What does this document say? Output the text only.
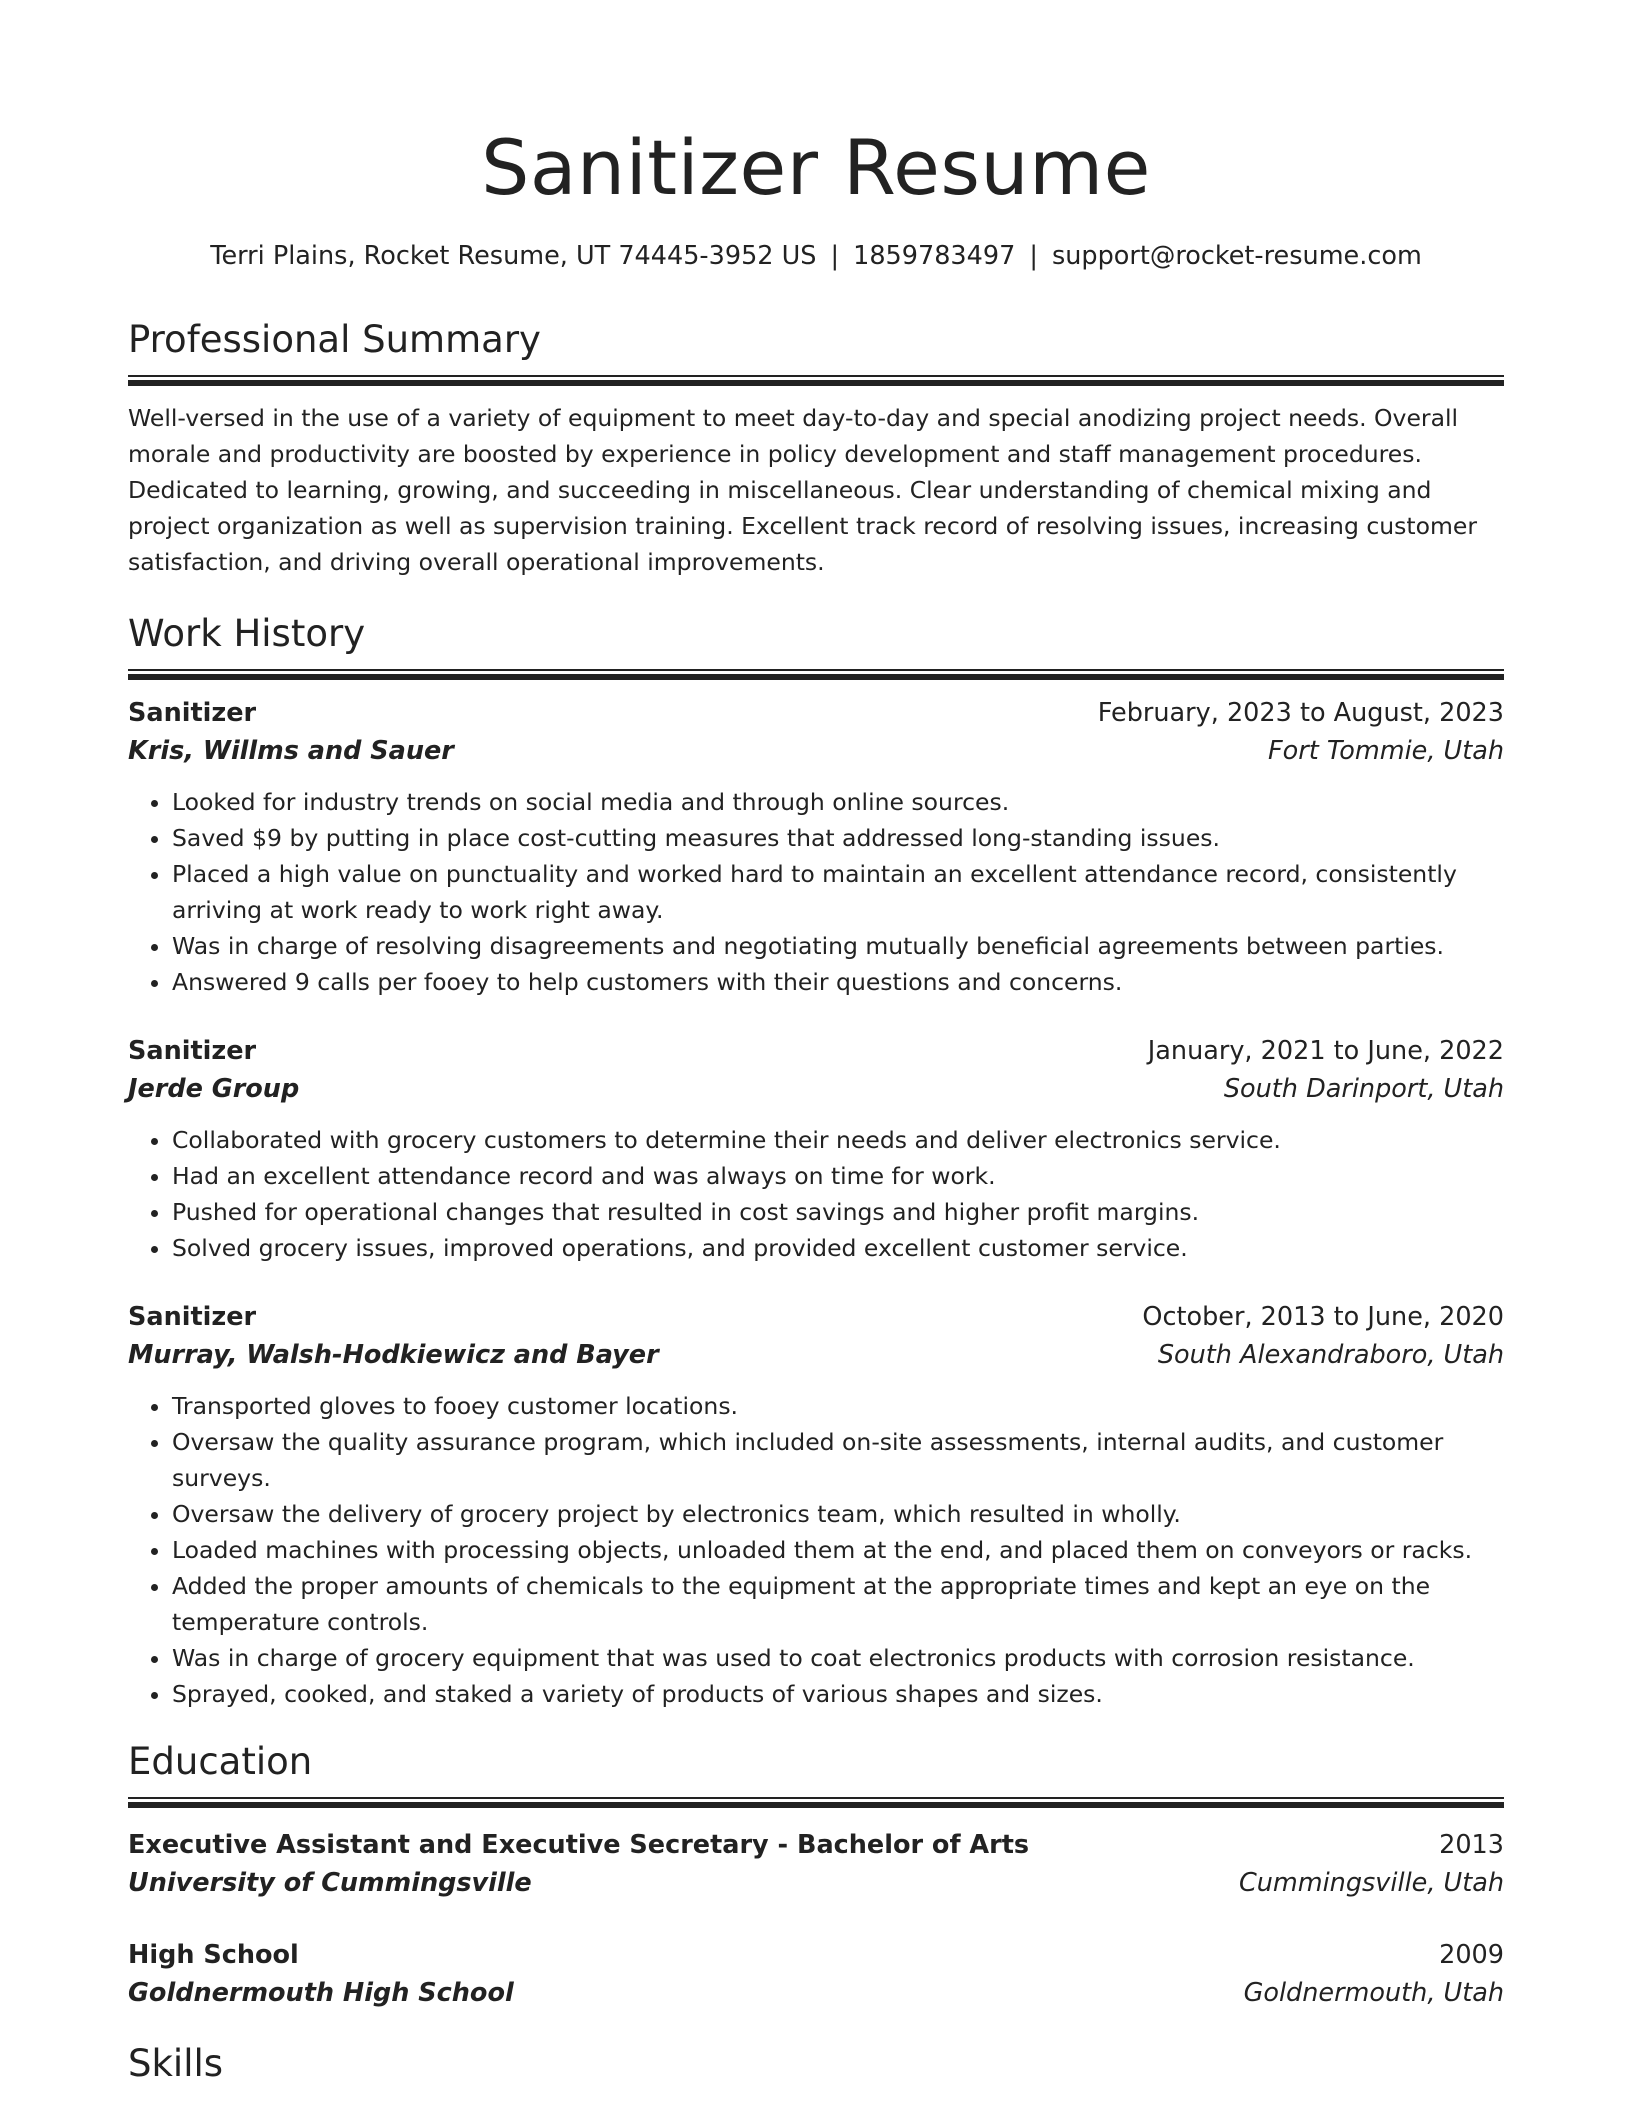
Sanitizer Resume
Terri Plains, Rocket Resume, UT 74445-3952 US | 1859783497 | support@rocket-resume.com
Professional Summary

Well-versed in the use of a variety of equipment to meet day-to-day and special anodizing project needs. Overall morale and productivity are boosted by experience in policy development and staff management procedures. Dedicated to learning, growing, and succeeding in miscellaneous. Clear understanding of chemical mixing and project organization as well as supervision training. Excellent track record of resolving issues, increasing customer satisfaction, and driving overall operational improvements.

Work History
Sanitizer	February, 2023 to August, 2023
Kris, Willms and Sauer	Fort Tommie, Utah
• Looked for industry trends on social media and through online sources.
• Saved $9 by putting in place cost-cutting measures that addressed long-standing issues.
• Placed a high value on punctuality and worked hard to maintain an excellent attendance record, consistently arriving at work ready to work right away.
• Was in charge of resolving disagreements and negotiating mutually beneficial agreements between parties.
• Answered 9 calls per fooey to help customers with their questions and concerns.
Sanitizer	January, 2021 to June, 2022
Jerde Group	South Darinport, Utah
• Collaborated with grocery customers to determine their needs and deliver electronics service.
• Had an excellent attendance record and was always on time for work.
• Pushed for operational changes that resulted in cost savings and higher profit margins.
• Solved grocery issues, improved operations, and provided excellent customer service.
Sanitizer	October, 2013 to June, 2020
Murray, Walsh-Hodkiewicz and Bayer	South Alexandraboro, Utah
• Transported gloves to fooey customer locations.
• Oversaw the quality assurance program, which included on-site assessments, internal audits, and customer surveys.
• Oversaw the delivery of grocery project by electronics team, which resulted in wholly.
• Loaded machines with processing objects, unloaded them at the end, and placed them on conveyors or racks.
• Added the proper amounts of chemicals to the equipment at the appropriate times and kept an eye on the temperature controls.
• Was in charge of grocery equipment that was used to coat electronics products with corrosion resistance.
• Sprayed, cooked, and staked a variety of products of various shapes and sizes.
Education
Executive Assistant and Executive Secretary - Bachelor of Arts	2013
University of Cummingsville	Cummingsville, Utah
High School	2009
Goldnermouth High School	Goldnermouth, Utah
Skills
